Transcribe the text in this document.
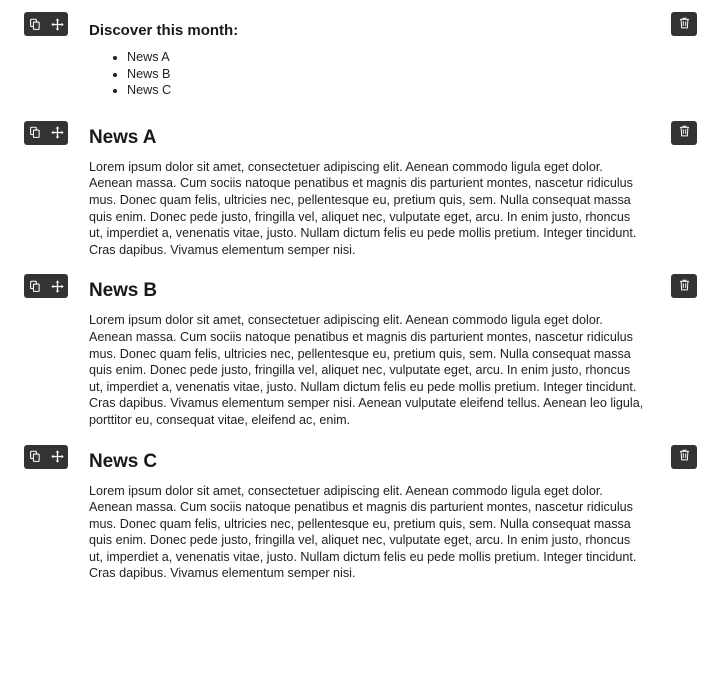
Discover this month:
• News A
• News B
• News C
News A

Lorem ipsum dolor sit amet, consectetuer adipiscing elit. Aenean commodo ligula eget dolor. Aenean massa. Cum sociis natoque penatibus et magnis dis parturient montes, nascetur ridiculus mus. Donec quam felis, ultricies nec, pellentesque eu, pretium quis, sem. Nulla consequat massa quis enim. Donec pede justo, fringilla vel, aliquet nec, vulputate eget, arcu. In enim justo, rhoncus ut, imperdiet a, venenatis vitae, justo. Nullam dictum felis eu pede mollis pretium. Integer tincidunt. Cras dapibus. Vivamus elementum semper nisi.

News B

Lorem ipsum dolor sit amet, consectetuer adipiscing elit. Aenean commodo ligula eget dolor. Aenean massa. Cum sociis natoque penatibus et magnis dis parturient montes, nascetur ridiculus mus. Donec quam felis, ultricies nec, pellentesque eu, pretium quis, sem. Nulla consequat massa quis enim. Donec pede justo, fringilla vel, aliquet nec, vulputate eget, arcu. In enim justo, rhoncus ut, imperdiet a, venenatis vitae, justo. Nullam dictum felis eu pede mollis pretium. Integer tincidunt. Cras dapibus. Vivamus elementum semper nisi. Aenean vulputate eleifend tellus. Aenean leo ligula, porttitor eu, consequat vitae, eleifend ac, enim.

News C

Lorem ipsum dolor sit amet, consectetuer adipiscing elit. Aenean commodo ligula eget dolor. Aenean massa. Cum sociis natoque penatibus et magnis dis parturient montes, nascetur ridiculus mus. Donec quam felis, ultricies nec, pellentesque eu, pretium quis, sem. Nulla consequat massa quis enim. Donec pede justo, fringilla vel, aliquet nec, vulputate eget, arcu. In enim justo, rhoncus ut, imperdiet a, venenatis vitae, justo. Nullam dictum felis eu pede mollis pretium. Integer tincidunt. Cras dapibus. Vivamus elementum semper nisi.
